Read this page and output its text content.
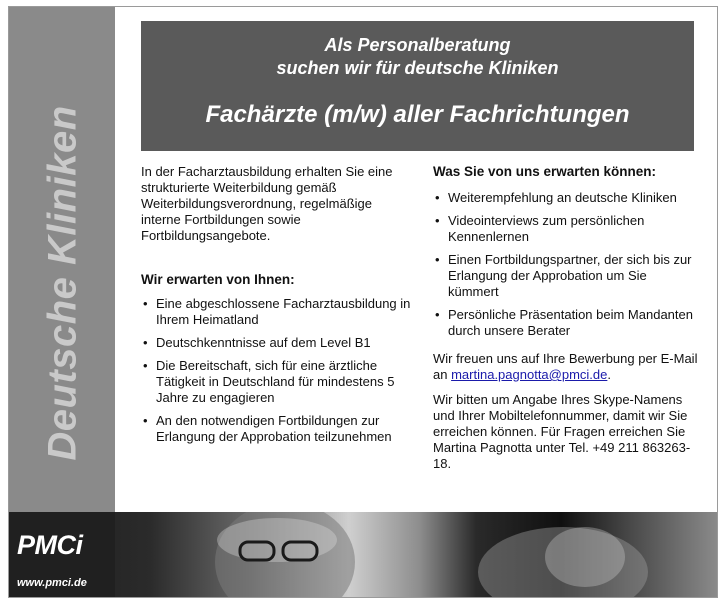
Deutsche Kliniken
Als Personalberatung
suchen wir für deutsche Kliniken
Fachärzte (m/w) aller Fachrichtungen

In der Facharztausbildung erhalten Sie eine strukturierte Weiterbildung gemäß Weiterbildungsverordnung, regelmäßige interne Fortbildungen sowie Fortbildungsangebote.

Wir erwarten von Ihnen:
• Eine abgeschlossene Facharztausbildung in Ihrem Heimatland
• Deutschkenntnisse auf dem Level B1
• Die Bereitschaft, sich für eine ärztliche Tätigkeit in Deutschland für mindestens 5 Jahre zu engagieren
• An den notwendigen Fortbildungen zur Erlangung der Approbation teilzunehmen
Was Sie von uns erwarten können:
• Weiterempfehlung an deutsche Kliniken
• Videointerviews zum persönlichen Kennenlernen
• Einen Fortbildungspartner, der sich bis zur Erlangung der Approbation um Sie kümmert
• Persönliche Präsentation beim Mandanten durch unsere Berater

Wir freuen uns auf Ihre Bewerbung per E-Mail an martina.pagnotta@pmci.de.

Wir bitten um Angabe Ihres Skype-Namens und Ihrer Mobiltelefonnummer, damit wir Sie erreichen können. Für Fragen erreichen Sie Martina Pagnotta unter Tel. +49 211 863263-18.

PMCi
www.pmci.de
